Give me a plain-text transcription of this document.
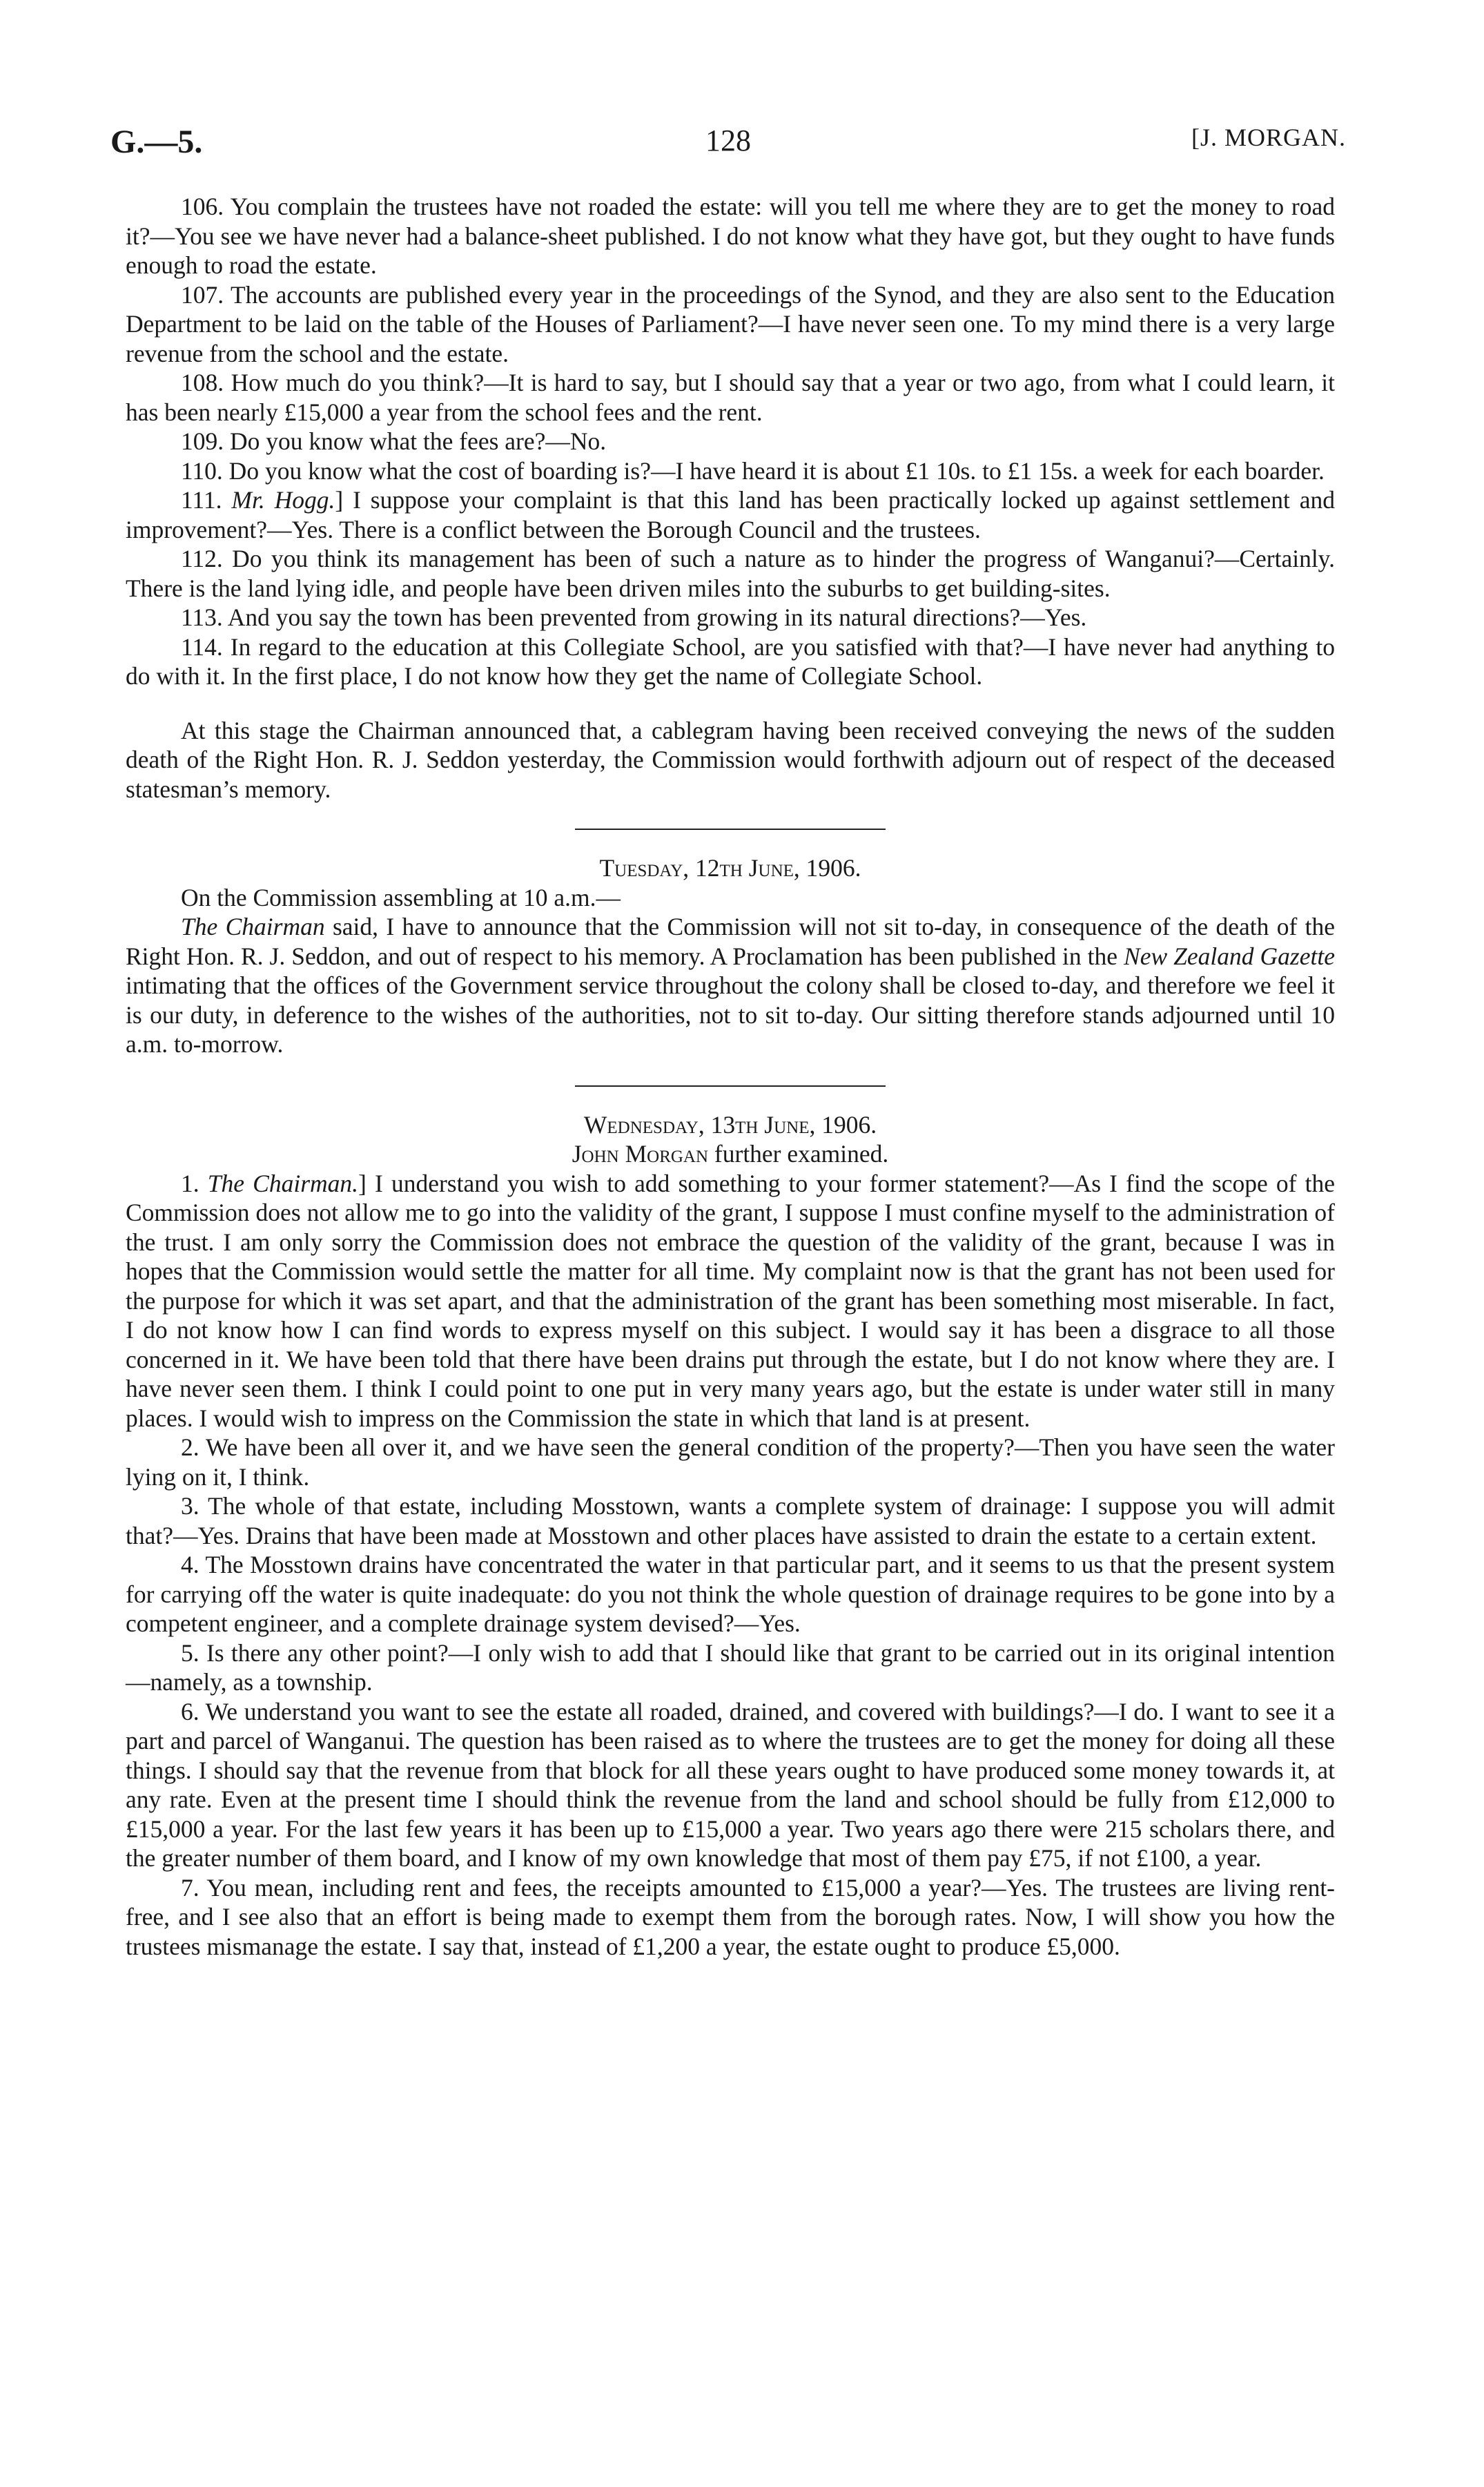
G.—5.	128	[J. MORGAN.

106. You complain the trustees have not roaded the estate: will you tell me where they are to get the money to road it?—You see we have never had a balance-sheet published. I do not know what they have got, but they ought to have funds enough to road the estate.

107. The accounts are published every year in the proceedings of the Synod, and they are also sent to the Education Department to be laid on the table of the Houses of Parliament?—I have never seen one. To my mind there is a very large revenue from the school and the estate.

108. How much do you think?—It is hard to say, but I should say that a year or two ago, from what I could learn, it has been nearly £15,000 a year from the school fees and the rent.

109. Do you know what the fees are?—No.

110. Do you know what the cost of boarding is?—I have heard it is about £1 10s. to £1 15s. a week for each boarder.

111. Mr. Hogg.] I suppose your complaint is that this land has been practically locked up against settlement and improvement?—Yes. There is a conflict between the Borough Council and the trustees.

112. Do you think its management has been of such a nature as to hinder the progress of Wanganui?—Certainly. There is the land lying idle, and people have been driven miles into the suburbs to get building-sites.

113. And you say the town has been prevented from growing in its natural directions?—Yes.

114. In regard to the education at this Collegiate School, are you satisfied with that?—I have never had anything to do with it. In the first place, I do not know how they get the name of Collegiate School.

At this stage the Chairman announced that, a cablegram having been received conveying the news of the sudden death of the Right Hon. R. J. Seddon yesterday, the Commission would forthwith adjourn out of respect of the deceased statesman’s memory.

Tuesday, 12th June, 1906.

On the Commission assembling at 10 a.m.—

The Chairman said, I have to announce that the Commission will not sit to-day, in consequence of the death of the Right Hon. R. J. Seddon, and out of respect to his memory. A Proclamation has been published in the New Zealand Gazette intimating that the offices of the Government service throughout the colony shall be closed to-day, and therefore we feel it is our duty, in deference to the wishes of the authorities, not to sit to-day. Our sitting therefore stands adjourned until 10 a.m. to-morrow.

Wednesday, 13th June, 1906.

John Morgan further examined.

1. The Chairman.] I understand you wish to add something to your former statement?—As I find the scope of the Commission does not allow me to go into the validity of the grant, I suppose I must confine myself to the administration of the trust. I am only sorry the Commission does not embrace the question of the validity of the grant, because I was in hopes that the Commission would settle the matter for all time. My complaint now is that the grant has not been used for the purpose for which it was set apart, and that the administration of the grant has been something most miserable. In fact, I do not know how I can find words to express myself on this subject. I would say it has been a disgrace to all those concerned in it. We have been told that there have been drains put through the estate, but I do not know where they are. I have never seen them. I think I could point to one put in very many years ago, but the estate is under water still in many places. I would wish to impress on the Commission the state in which that land is at present.

2. We have been all over it, and we have seen the general condition of the property?—Then you have seen the water lying on it, I think.

3. The whole of that estate, including Mosstown, wants a complete system of drainage: I suppose you will admit that?—Yes. Drains that have been made at Mosstown and other places have assisted to drain the estate to a certain extent.

4. The Mosstown drains have concentrated the water in that particular part, and it seems to us that the present system for carrying off the water is quite inadequate: do you not think the whole question of drainage requires to be gone into by a competent engineer, and a complete drainage system devised?—Yes.

5. Is there any other point?—I only wish to add that I should like that grant to be carried out in its original intention—namely, as a township.

6. We understand you want to see the estate all roaded, drained, and covered with buildings?—I do. I want to see it a part and parcel of Wanganui. The question has been raised as to where the trustees are to get the money for doing all these things. I should say that the revenue from that block for all these years ought to have produced some money towards it, at any rate. Even at the present time I should think the revenue from the land and school should be fully from £12,000 to £15,000 a year. For the last few years it has been up to £15,000 a year. Two years ago there were 215 scholars there, and the greater number of them board, and I know of my own knowledge that most of them pay £75, if not £100, a year.

7. You mean, including rent and fees, the receipts amounted to £15,000 a year?—Yes. The trustees are living rent-free, and I see also that an effort is being made to exempt them from the borough rates. Now, I will show you how the trustees mismanage the estate. I say that, instead of £1,200 a year, the estate ought to produce £5,000.
